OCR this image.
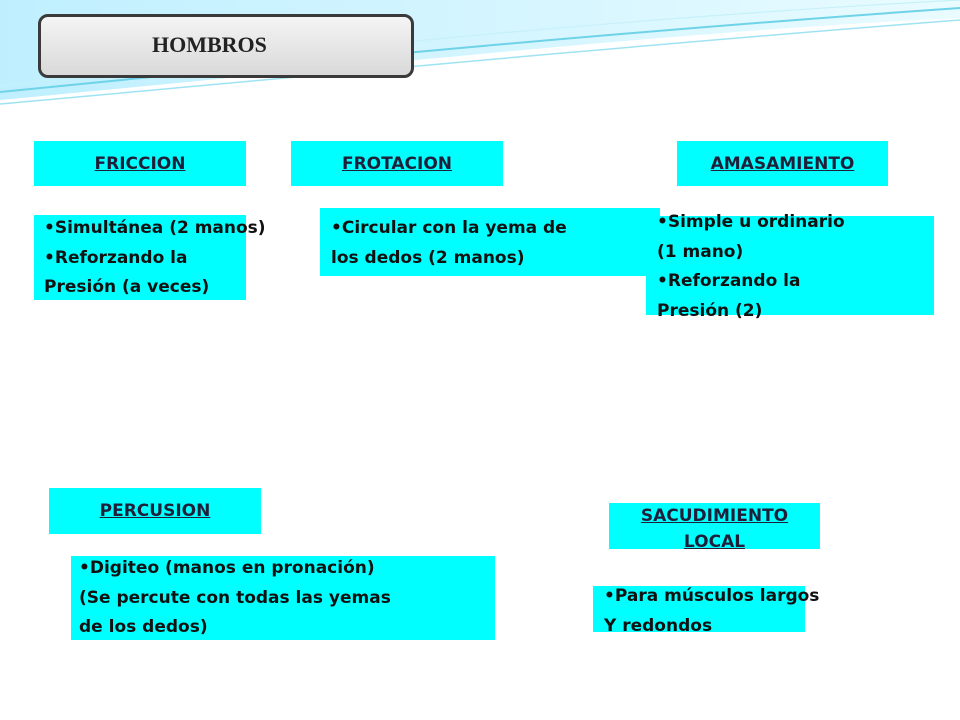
HOMBROS
FRICCION
•Simultánea (2 manos)
•Reforzando la
Presión (a veces)
FROTACION
•Circular con la yema de
los dedos (2 manos)
AMASAMIENTO
•Simple u ordinario
(1 mano)
•Reforzando la
Presión (2)
PERCUSION
•Digiteo (manos en pronación)
(Se percute con todas las yemas
de los dedos)
SACUDIMIENTO
LOCAL
•Para músculos largos
Y redondos
